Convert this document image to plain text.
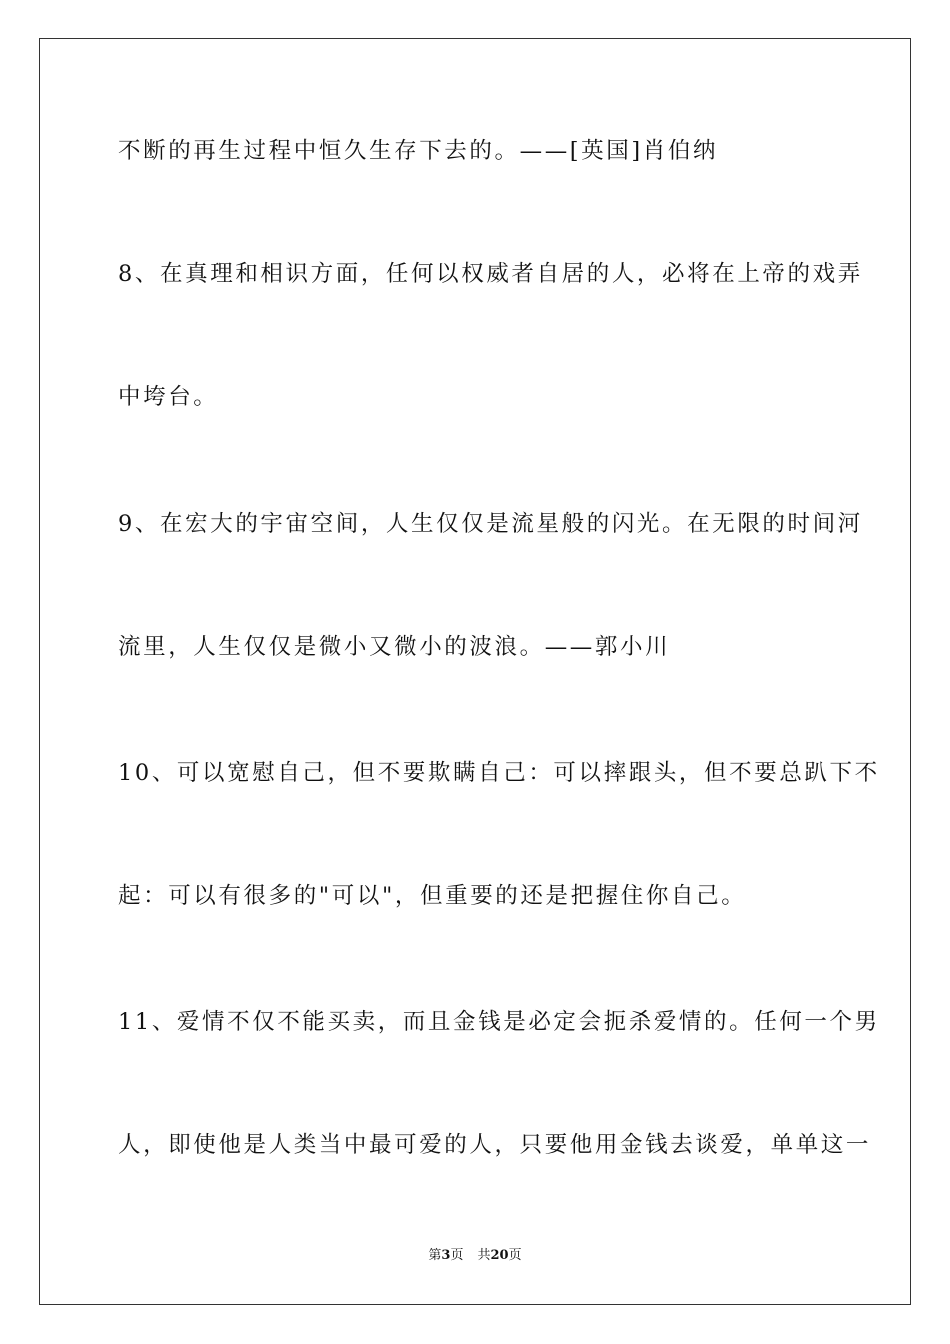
不断的再生过程中恒久生存下去的。——[英国]肖伯纳
8、在真理和相识方面，任何以权威者自居的人，必将在上帝的戏弄
中垮台。
9、在宏大的宇宙空间，人生仅仅是流星般的闪光。在无限的时间河
流里，人生仅仅是微小又微小的波浪。——郭小川
10、可以宽慰自己，但不要欺瞒自己：可以摔跟头，但不要总趴下不
起：可以有很多的"可以"，但重要的还是把握住你自己。
11、爱情不仅不能买卖，而且金钱是必定会扼杀爱情的。任何一个男
人，即使他是人类当中最可爱的人，只要他用金钱去谈爱，单单这一
第3页 共20页
